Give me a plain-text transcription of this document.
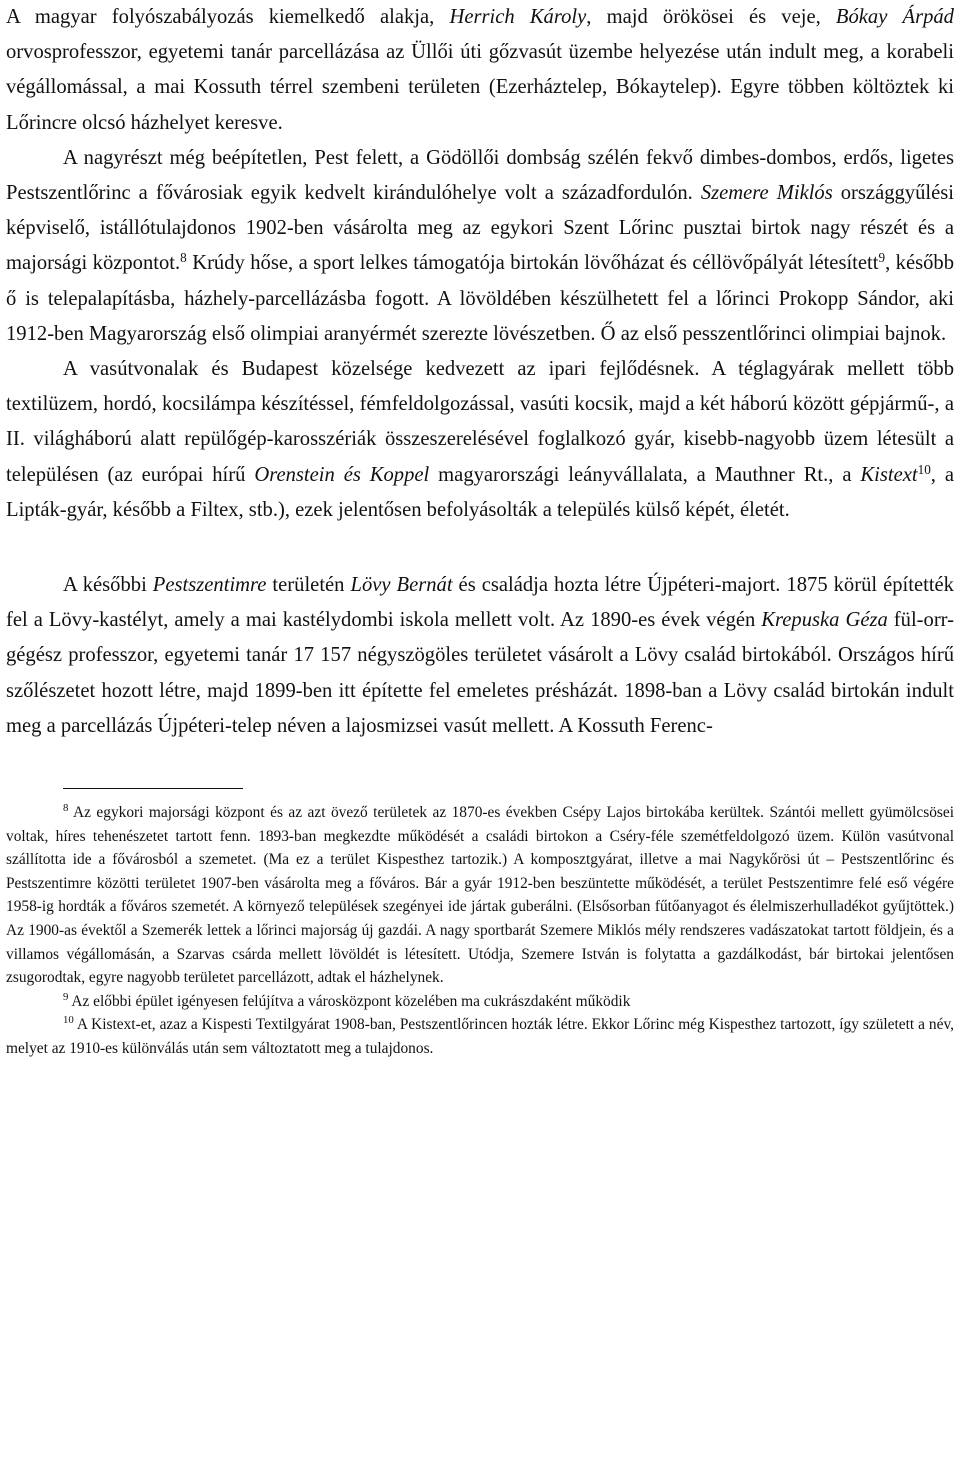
A magyar folyószabályozás kiemelkedő alakja, Herrich Károly, majd örökösei és veje, Bókay Árpád orvosprofesszor, egyetemi tanár parcellázása az Üllői úti gőzvasút üzembe helyezése után indult meg, a korabeli végállomással, a mai Kossuth térrel szembeni területen (Ezerháztelep, Bókaytelep). Egyre többen költöztek ki Lőrincre olcsó házhelyet keresve.

A nagyrészt még beépítetlen, Pest felett, a Gödöllői dombság szélén fekvő dimbes-dombos, erdős, ligetes Pestszentlőrinc a fővárosiak egyik kedvelt kirándulóhelye volt a századfordulón. Szemere Miklós országgyűlési képviselő, istállótulajdonos 1902-ben vásárolta meg az egykori Szent Lőrinc pusztai birtok nagy részét és a majorsági központot.$^8$ Krúdy hőse, a sport lelkes támogatója birtokán lövőházat és céllövőpályát létesített$^9$, később ő is telepalapításba, házhely-parcellázásba fogott. A lövöldében készülhetett fel a lőrinci Prokopp Sándor, aki 1912-ben Magyarország első olimpiai aranyérmét szerezte lövészetben. Ő az első pesszentlőrinci olimpiai bajnok.

A vasútvonalak és Budapest közelsége kedvezett az ipari fejlődésnek. A téglagyárak mellett több textilüzem, hordó, kocsilámpa készítéssel, fémfeldolgozással, vasúti kocsik, majd a két háború között gépjármű-, a II. világháború alatt repülőgép-karosszériák összeszerelésével foglalkozó gyár, kisebb-nagyobb üzem létesült a településen (az európai hírű Orenstein és Koppel magyarországi leányvállalata, a Mauthner Rt., a Kistext$^{10}$, a Lipták-gyár, később a Filtex, stb.), ezek jelentősen befolyásolták a település külső képét, életét.

A későbbi Pestszentimre területén Lövy Bernát és családja hozta létre Újpéteri-majort. 1875 körül építették fel a Lövy-kastélyt, amely a mai kastélydombi iskola mellett volt. Az 1890-es évek végén Krepuska Géza fül-orr-gégész professzor, egyetemi tanár 17 157 négyszögöles területet vásárolt a Lövy család birtokából. Országos hírű szőlészetet hozott létre, majd 1899-ben itt építette fel emeletes présházát. 1898-ban a Lövy család birtokán indult meg a parcellázás Újpéteri-telep néven a lajosmizsei vasút mellett. A Kossuth Ferenc-

$^8$ Az egykori majorsági központ és az azt övező területek az 1870-es években Csépy Lajos birtokába kerültek. Szántói mellett gyümölcsösei voltak, híres tehenészetet tartott fenn. 1893-ban megkezdte működését a családi birtokon a Cséry-féle szemétfeldolgozó üzem. Külön vasútvonal szállította ide a fővárosból a szemetet. (Ma ez a terület Kispesthez tartozik.) A komposztgyárat, illetve a mai Nagykőrösi út – Pestszentlőrinc és Pestszentimre közötti területet 1907-ben vásárolta meg a főváros. Bár a gyár 1912-ben beszüntette működését, a terület Pestszentimre felé eső végére 1958-ig hordták a főváros szemetét. A környező települések szegényei ide jártak guberálni. (Elsősorban fűtőanyagot és élelmiszerhulladékot gyűjtöttek.) Az 1900-as évektől a Szemerék lettek a lőrinci majorság új gazdái. A nagy sportbarát Szemere Miklós mély rendszeres vadászatokat tartott földjein, és a villamos végállomásán, a Szarvas csárda mellett lövöldét is létesített. Utódja, Szemere István is folytatta a gazdálkodást, bár birtokai jelentősen zsugorodtak, egyre nagyobb területet parcellázott, adtak el házhelynek.

$^9$ Az előbbi épület igényesen felújítva a városközpont közelében ma cukrászdaként működik

$^{10}$ A Kistext-et, azaz a Kispesti Textilgyárat 1908-ban, Pestszentlőrincen hozták létre. Ekkor Lőrinc még Kispesthez tartozott, így született a név, melyet az 1910-es különválás után sem változtatott meg a tulajdonos.
